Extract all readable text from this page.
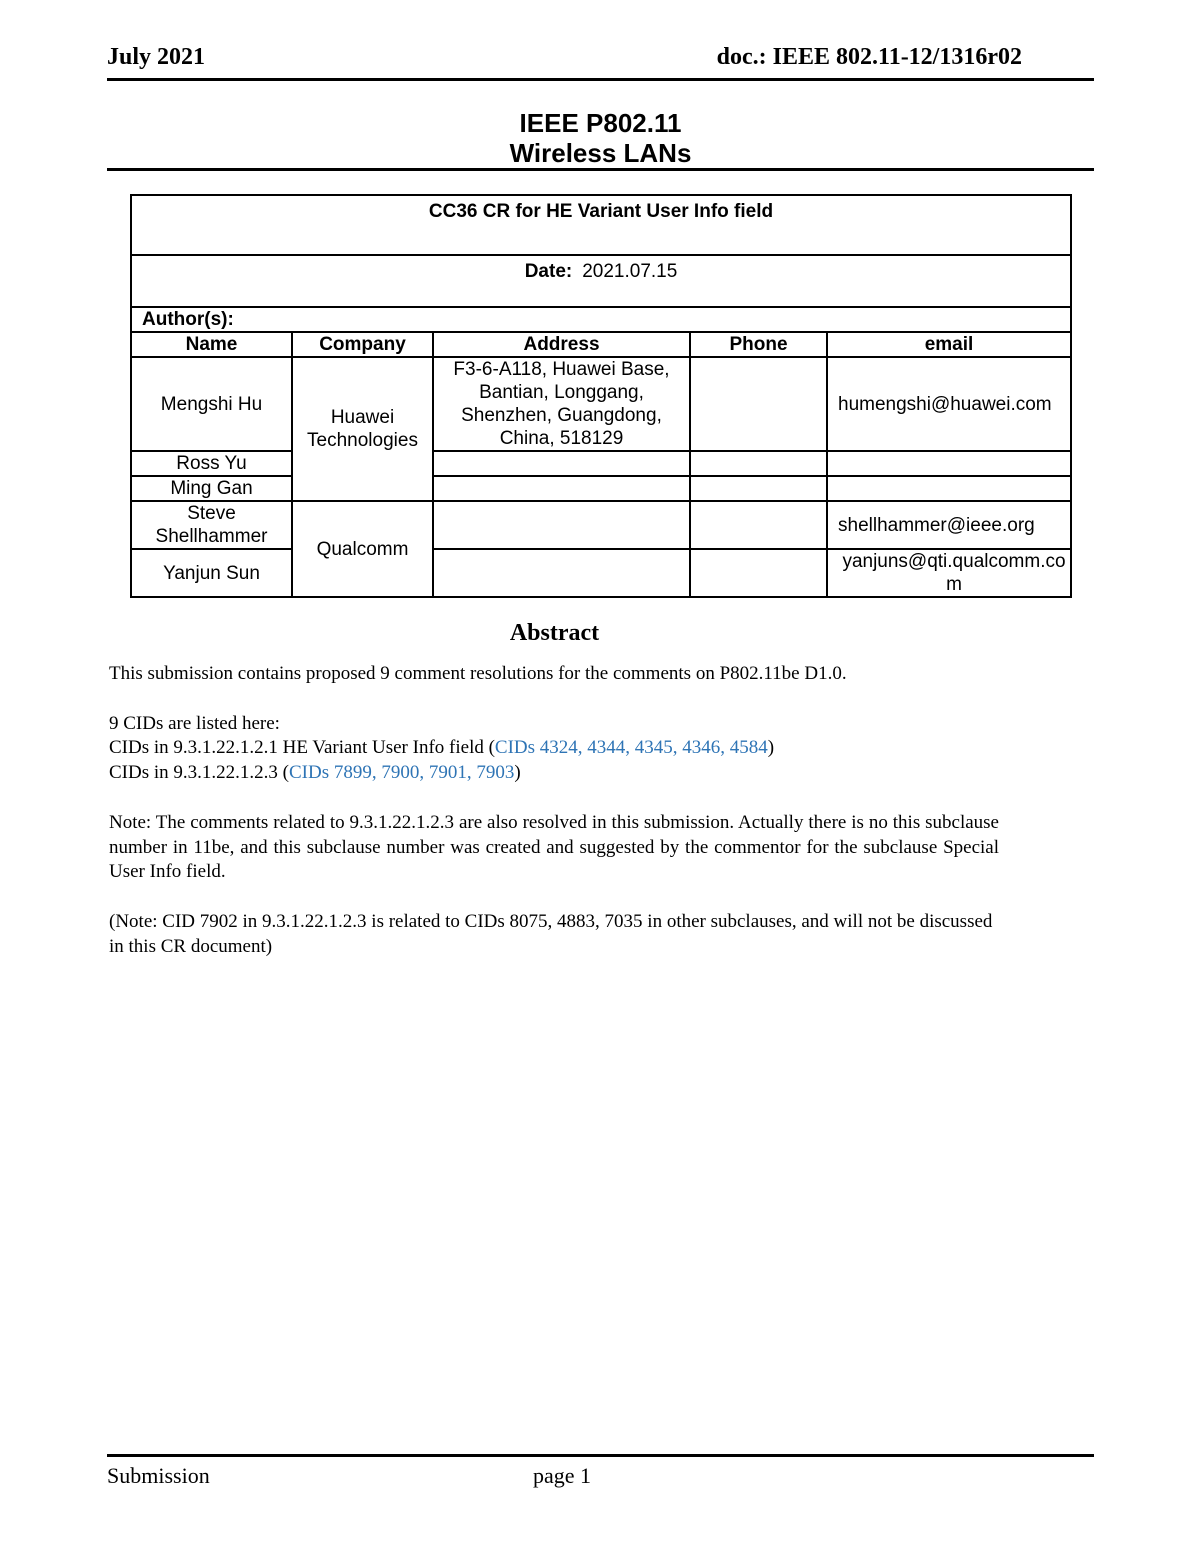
July 2021	doc.: IEEE 802.11-12/1316r02
IEEE P802.11
Wireless LANs
CC36 CR for HE Variant User Info field				
Date: 2021.07.15				
Author(s):				
Name	Company	Address	Phone	email
Mengshi Hu	Huawei Technologies	F3-6-A118, Huawei Base, Bantian, Longgang, Shenzhen, Guangdong, China, 518129		humengshi@huawei.com
Ross Yu				
Ming Gan				
Steve Shellhammer	Qualcomm			shellhammer@ieee.org
Yanjun Sun				yanjuns@qti.qualcomm.com
Abstract

This submission contains proposed 9 comment resolutions for the comments on P802.11be D1.0.

9 CIDs are listed here:

CIDs in 9.3.1.22.1.2.1 HE Variant User Info field (CIDs 4324, 4344, 4345, 4346, 4584)

CIDs in 9.3.1.22.1.2.3 (CIDs 7899, 7900, 7901, 7903)

Note: The comments related to 9.3.1.22.1.2.3 are also resolved in this submission. Actually there is no this subclause number in 11be, and this subclause number was created and suggested by the commentor for the subclause Special User Info field.

(Note: CID 7902 in 9.3.1.22.1.2.3 is related to CIDs 8075, 4883, 7035 in other subclauses, and will not be discussed in this CR document)

Submission	page 1
